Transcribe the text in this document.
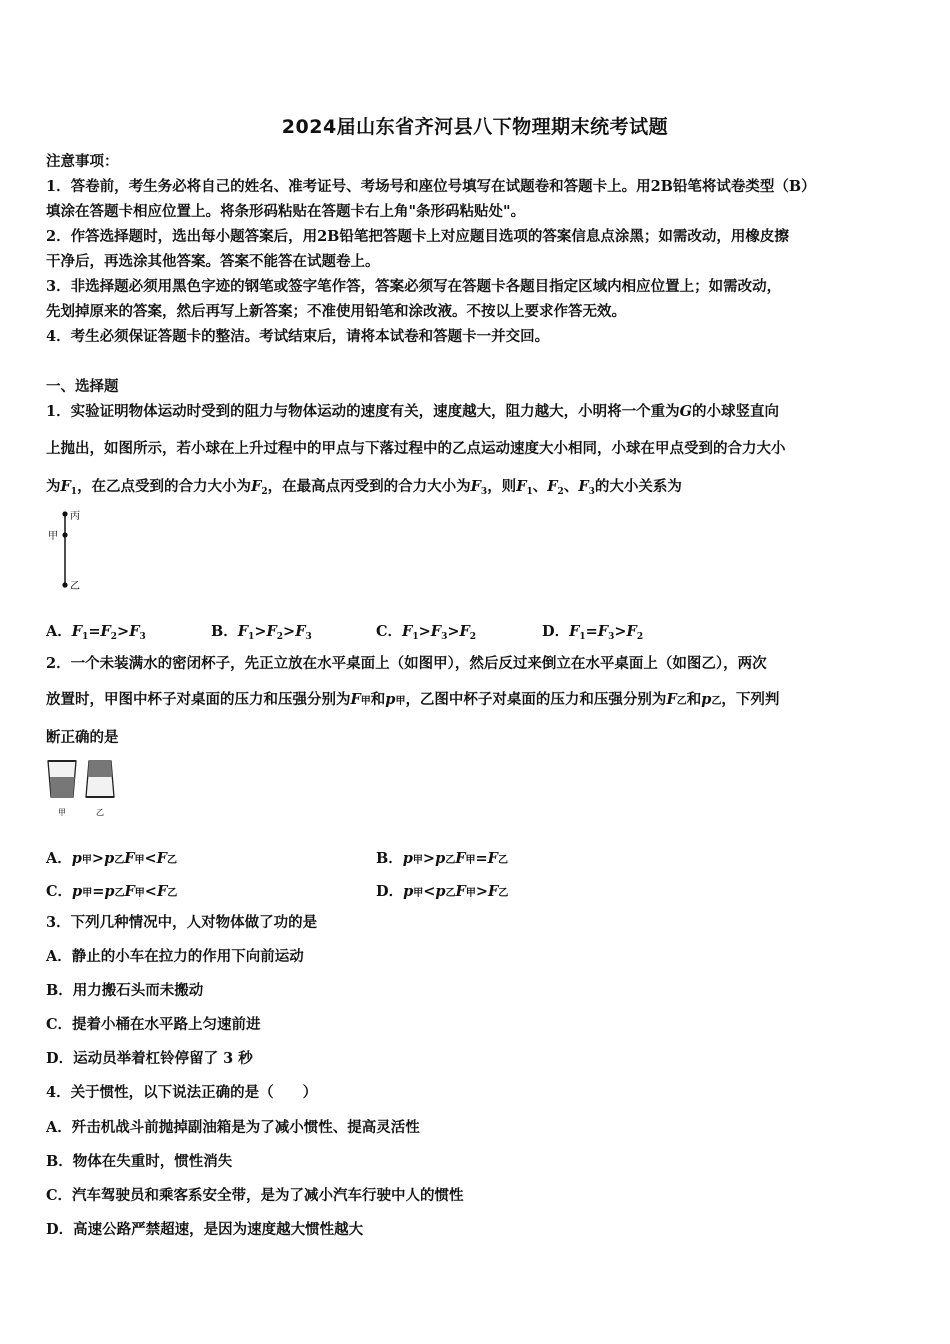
2024届山东省齐河县八下物理期末统考试题
注意事项：
1．答卷前，考生务必将自己的姓名、准考证号、考场号和座位号填写在试题卷和答题卡上。用2B铅笔将试卷类型（B）
填涂在答题卡相应位置上。将条形码粘贴在答题卡右上角"条形码粘贴处"。
2．作答选择题时，选出每小题答案后，用2B铅笔把答题卡上对应题目选项的答案信息点涂黑；如需改动，用橡皮擦
干净后，再选涂其他答案。答案不能答在试题卷上。
3．非选择题必须用黑色字迹的钢笔或签字笔作答，答案必须写在答题卡各题目指定区域内相应位置上；如需改动，
先划掉原来的答案，然后再写上新答案；不准使用铅笔和涂改液。不按以上要求作答无效。
4．考生必须保证答题卡的整洁。考试结束后，请将本试卷和答题卡一并交回。
一、选择题
1．实验证明物体运动时受到的阻力与物体运动的速度有关，速度越大，阻力越大，小明将一个重为G的小球竖直向
上抛出，如图所示，若小球在上升过程中的甲点与下落过程中的乙点运动速度大小相同，小球在甲点受到的合力大小
为$F_1$，在乙点受到的合力大小为$F_2$，在最高点丙受到的合力大小为$F_3$，则$F_1$、$F_2$、$F_3$的大小关系为
丙
甲
乙
A．$F_1=F_2>F_3$	B．$F_1>F_2>F_3$	C．$F_1>F_3>F_2$	D．$F_1=F_3>F_2$
2．一个未装满水的密闭杯子，先正立放在水平桌面上（如图甲），然后反过来倒立在水平桌面上（如图乙），两次
放置时，甲图中杯子对桌面的压力和压强分别为F甲和p甲，乙图中杯子对桌面的压力和压强分别为F乙和p乙，下列判
断正确的是
甲	乙
A．p甲>p乙F甲<F乙	B．p甲>p乙F甲=F乙
C．p甲=p乙F甲<F乙	D．p甲<p乙F甲>F乙
3．下列几种情况中，人对物体做了功的是
A．静止的小车在拉力的作用下向前运动
B．用力搬石头而未搬动
C．提着小桶在水平路上匀速前进
D．运动员举着杠铃停留了 3 秒
4．关于惯性，以下说法正确的是（　　）
A．歼击机战斗前抛掉副油箱是为了减小惯性、提高灵活性
B．物体在失重时，惯性消失
C．汽车驾驶员和乘客系安全带，是为了减小汽车行驶中人的惯性
D．高速公路严禁超速，是因为速度越大惯性越大
